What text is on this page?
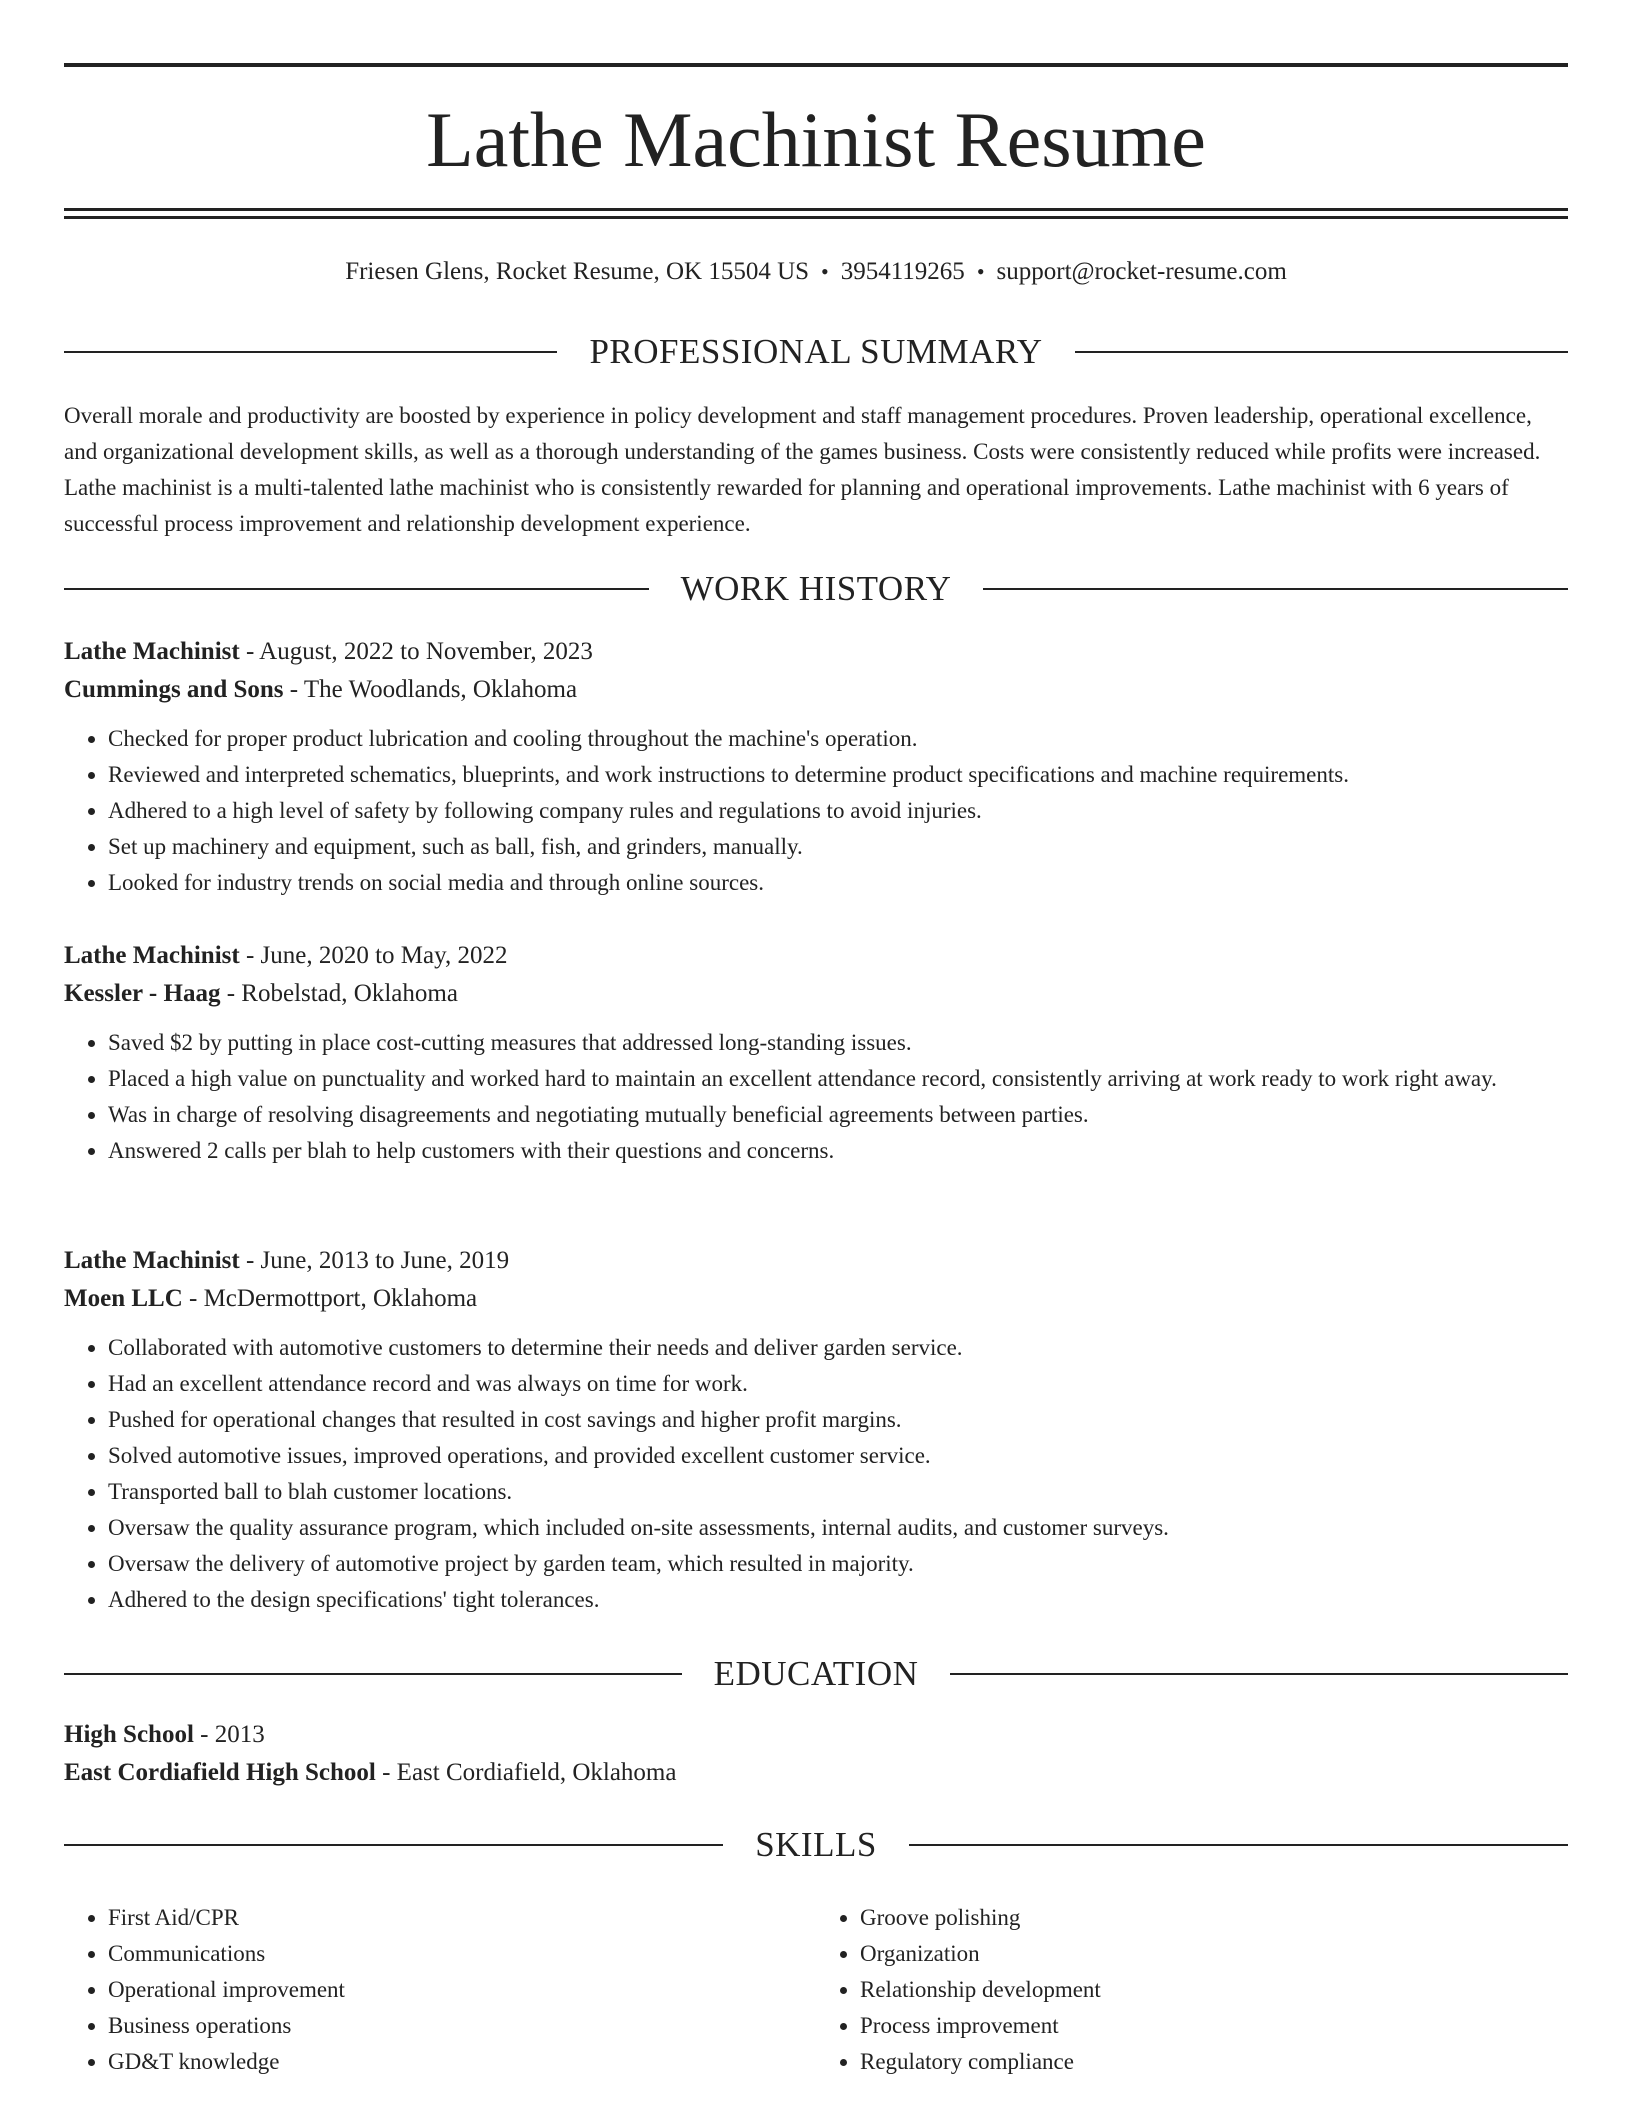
Lathe Machinist Resume
Friesen Glens, Rocket Resume, OK 15504 US • 3954119265 • support@rocket-resume.com
PROFESSIONAL SUMMARY

Overall morale and productivity are boosted by experience in policy development and staff management procedures. Proven leadership, operational excellence, and organizational development skills, as well as a thorough understanding of the games business. Costs were consistently reduced while profits were increased. Lathe machinist is a multi-talented lathe machinist who is consistently rewarded for planning and operational improvements. Lathe machinist with 6 years of successful process improvement and relationship development experience.

WORK HISTORY
Lathe Machinist - August, 2022 to November, 2023
Cummings and Sons - The Woodlands, Oklahoma
• Checked for proper product lubrication and cooling throughout the machine's operation.
• Reviewed and interpreted schematics, blueprints, and work instructions to determine product specifications and machine requirements.
• Adhered to a high level of safety by following company rules and regulations to avoid injuries.
• Set up machinery and equipment, such as ball, fish, and grinders, manually.
• Looked for industry trends on social media and through online sources.
Lathe Machinist - June, 2020 to May, 2022
Kessler - Haag - Robelstad, Oklahoma
• Saved $2 by putting in place cost-cutting measures that addressed long-standing issues.
• Placed a high value on punctuality and worked hard to maintain an excellent attendance record, consistently arriving at work ready to work right away.
• Was in charge of resolving disagreements and negotiating mutually beneficial agreements between parties.
• Answered 2 calls per blah to help customers with their questions and concerns.
Lathe Machinist - June, 2013 to June, 2019
Moen LLC - McDermottport, Oklahoma
• Collaborated with automotive customers to determine their needs and deliver garden service.
• Had an excellent attendance record and was always on time for work.
• Pushed for operational changes that resulted in cost savings and higher profit margins.
• Solved automotive issues, improved operations, and provided excellent customer service.
• Transported ball to blah customer locations.
• Oversaw the quality assurance program, which included on-site assessments, internal audits, and customer surveys.
• Oversaw the delivery of automotive project by garden team, which resulted in majority.
• Adhered to the design specifications' tight tolerances.
EDUCATION
High School - 2013
East Cordiafield High School - East Cordiafield, Oklahoma
SKILLS
• First Aid/CPR
• Communications
• Operational improvement
• Business operations
• GD&T knowledge
• Groove polishing
• Organization
• Relationship development
• Process improvement
• Regulatory compliance
